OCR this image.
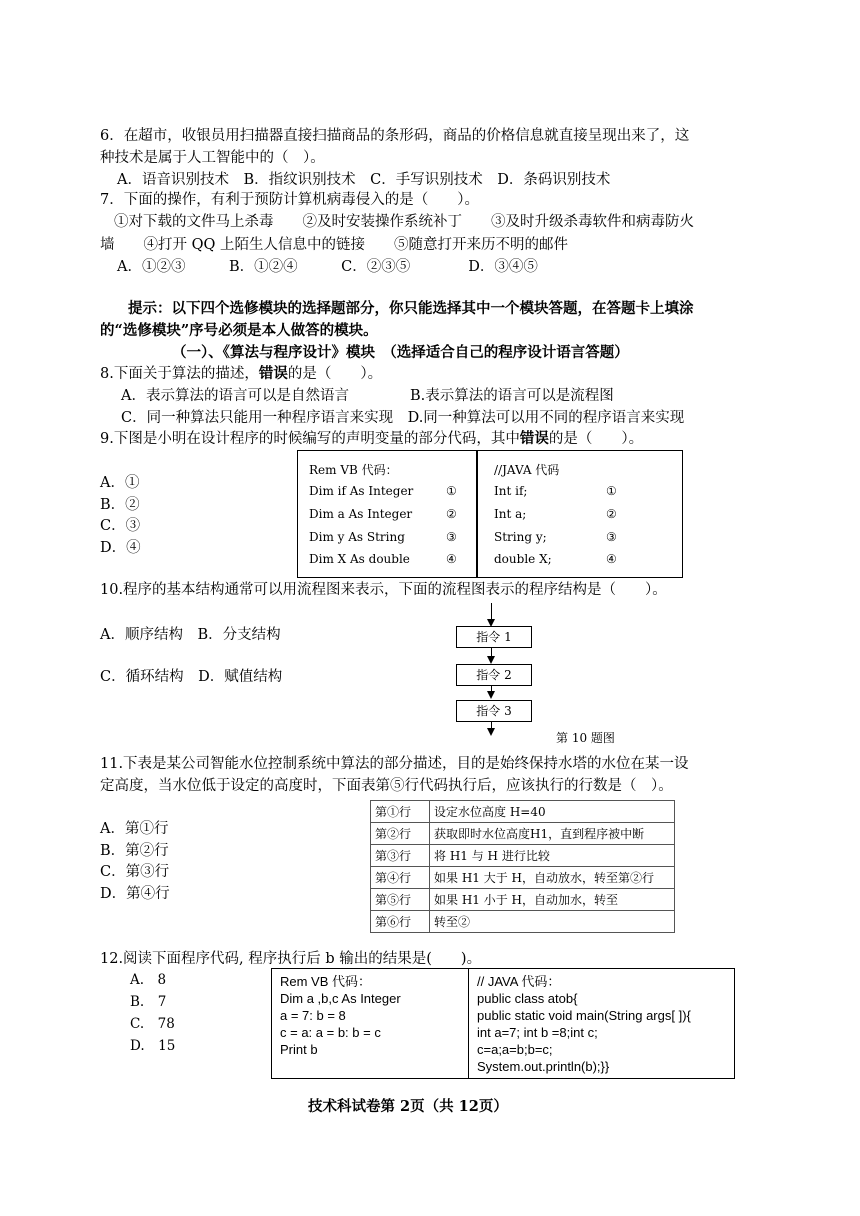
6．在超市，收银员用扫描器直接扫描商品的条形码，商品的价格信息就直接呈现出来了，这
种技术是属于人工智能中的（　）。
A．语音识别技术　B．指纹识别技术　C．手写识别技术　D．条码识别技术
7．下面的操作，有利于预防计算机病毒侵入的是（　　）。
①对下载的文件马上杀毒　　②及时安装操作系统补丁　　③及时升级杀毒软件和病毒防火
墙　　④打开 QQ 上陌生人信息中的链接　　⑤随意打开来历不明的邮件
A．①②③　　　B．①②④　　　C．②③⑤　　　　D．③④⑤
提示：以下四个选修模块的选择题部分，你只能选择其中一个模块答题，在答题卡上填涂
的“选修模块”序号必须是本人做答的模块。
（一）、《算法与程序设计》模块　（选择适合自己的程序设计语言答题）
8.下面关于算法的描述，错误的是（　　）。
A．表示算法的语言可以是自然语言	B.表示算法的语言可以是流程图
C．同一种算法只能用一种程序语言来实现　D.同一种算法可以用不同的程序语言来实现
9.下图是小明在设计程序的时候编写的声明变量的部分代码，其中错误的是（　　）。
A．①
B．②
C．③
D．④
Rem VB 代码：
Dim if As Integer	①
Dim a As Integer	②
Dim y As String	③
Dim X As double	④
//JAVA 代码
Int if;	①
Int a;	②
String y;	③
double X;	④
10.程序的基本结构通常可以用流程图来表示，下面的流程图表示的程序结构是（　　）。
A．顺序结构　B．分支结构
C．循环结构　D．赋值结构
指令 1
指令 2
指令 3
第 10 题图
11.下表是某公司智能水位控制系统中算法的部分描述，目的是始终保持水塔的水位在某一设
定高度，当水位低于设定的高度时，下面表第⑤行代码执行后，应该执行的行数是（　）。
A．第①行
B．第②行
C．第③行
D．第④行
第①行	设定水位高度 H=40
第②行	获取即时水位高度H1，直到程序被中断
第③行	将 H1 与 H 进行比较
第④行	如果 H1 大于 H，自动放水，转至第②行
第⑤行	如果 H1 小于 H，自动加水，转至
第⑥行	转至②
12.阅读下面程序代码, 程序执行后 b 输出的结果是(　　)。
A.　8
B.　7
C.　78
D.　15
Rem VB 代码：
Dim a ,b,c As Integer
a = 7: b = 8
c = a: a = b: b = c
Print b
// JAVA 代码：
public class atob{
public static void main(String args[ ]){
int a=7; int b =8;int c;
c=a;a=b;b=c;
System.out.println(b);}}
技术科试卷第 2页（共 12页）
